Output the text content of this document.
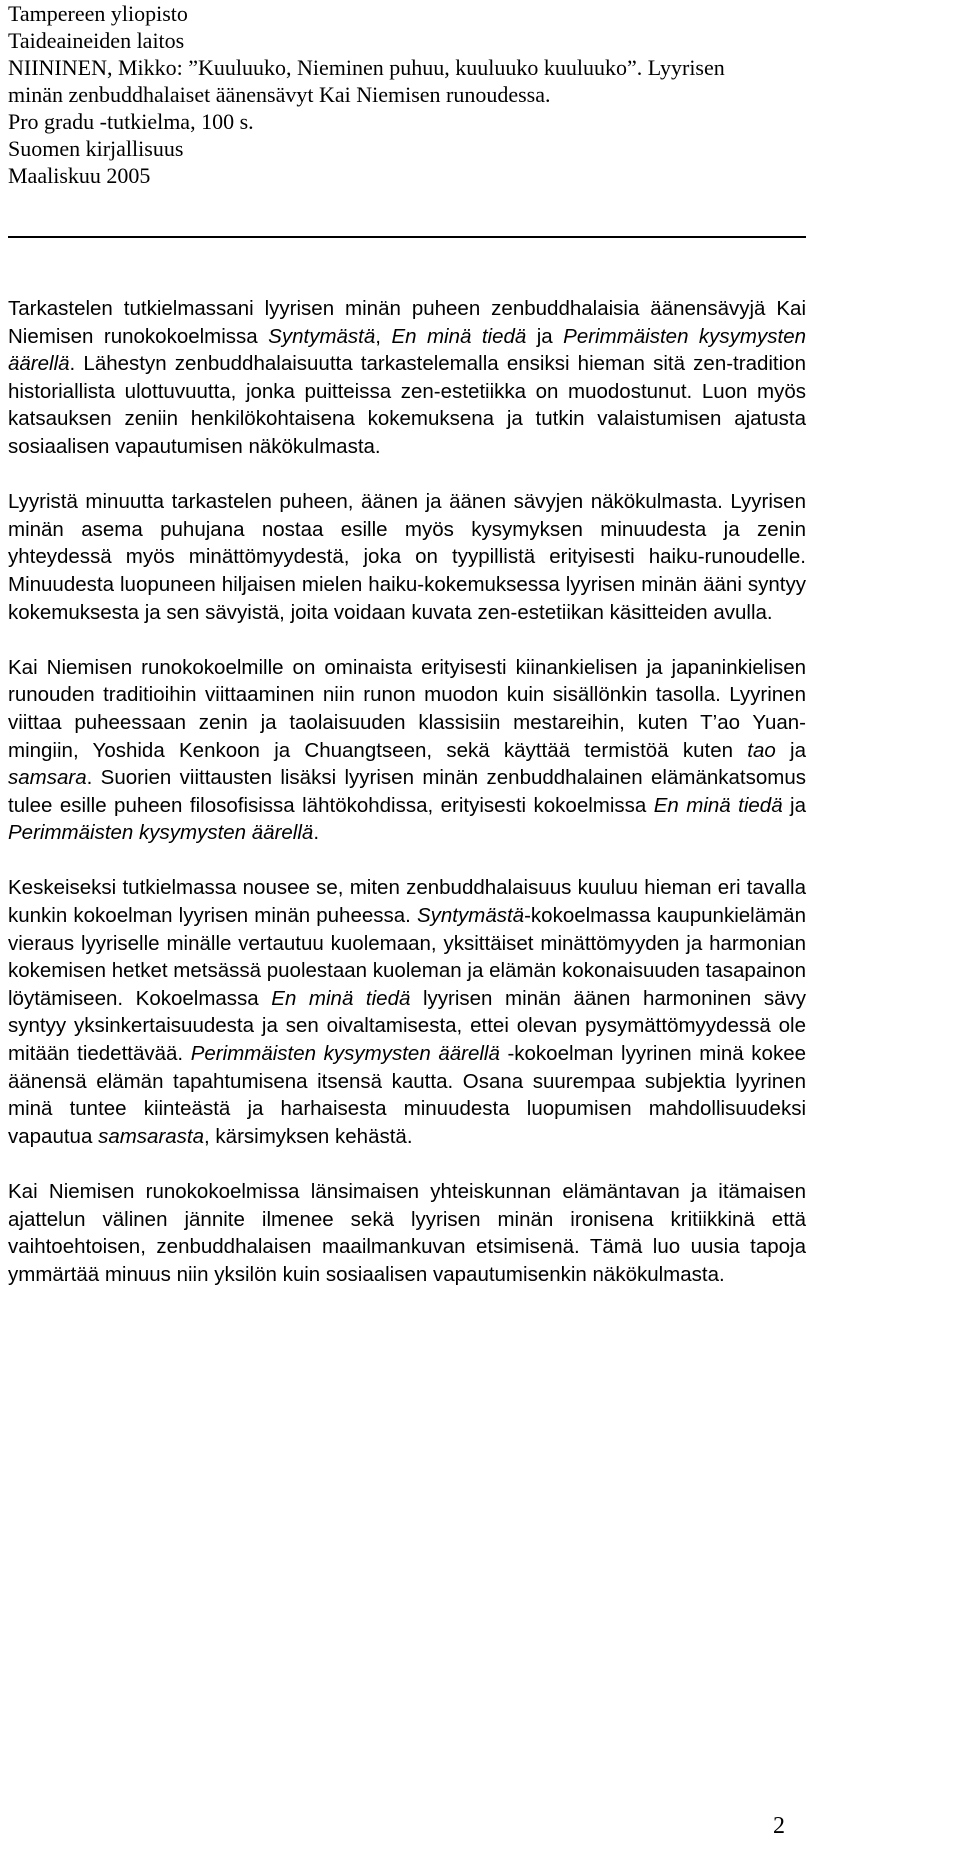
Tampereen yliopisto
Taideaineiden laitos
NIININEN, Mikko: ”Kuuluuko, Nieminen puhuu, kuuluuko kuuluuko”. Lyyrisen
minän zenbuddhalaiset äänensävyt Kai Niemisen runoudessa.
Pro gradu -tutkielma, 100 s.
Suomen kirjallisuus
Maaliskuu 2005

Tarkastelen tutkielmassani lyyrisen minän puheen zenbuddhalaisia äänensävyjä Kai Niemisen runokokoelmissa Syntymästä, En minä tiedä ja Perimmäisten kysymysten äärellä. Lähestyn zenbuddhalaisuutta tarkastelemalla ensiksi hieman sitä zen-tradition historiallista ulottuvuutta, jonka puitteissa zen-estetiikka on muodostunut. Luon myös katsauksen zeniin henkilökohtaisena kokemuksena ja tutkin valaistumisen ajatusta sosiaalisen vapautumisen näkökulmasta.

Lyyristä minuutta tarkastelen puheen, äänen ja äänen sävyjen näkökulmasta. Lyyrisen minän asema puhujana nostaa esille myös kysymyksen minuudesta ja zenin yhteydessä myös minättömyydestä, joka on tyypillistä erityisesti haiku-runoudelle. Minuudesta luopuneen hiljaisen mielen haiku-kokemuksessa lyyrisen minän ääni syntyy kokemuksesta ja sen sävyistä, joita voidaan kuvata zen-estetiikan käsitteiden avulla.

Kai Niemisen runokokoelmille on ominaista erityisesti kiinankielisen ja japaninkielisen runouden traditioihin viittaaminen niin runon muodon kuin sisällönkin tasolla. Lyyrinen viittaa puheessaan zenin ja taolaisuuden klassisiin mestareihin, kuten T’ao Yuan-mingiin, Yoshida Kenkoon ja Chuangtseen, sekä käyttää termistöä kuten tao ja samsara. Suorien viittausten lisäksi lyyrisen minän zenbuddhalainen elämänkatsomus tulee esille puheen filosofisissa lähtökohdissa, erityisesti kokoelmissa En minä tiedä ja Perimmäisten kysymysten äärellä.

Keskeiseksi tutkielmassa nousee se, miten zenbuddhalaisuus kuuluu hieman eri tavalla kunkin kokoelman lyyrisen minän puheessa. Syntymästä-kokoelmassa kaupunkielämän vieraus lyyriselle minälle vertautuu kuolemaan, yksittäiset minättömyyden ja harmonian kokemisen hetket metsässä puolestaan kuoleman ja elämän kokonaisuuden tasapainon löytämiseen. Kokoelmassa En minä tiedä lyyrisen minän äänen harmoninen sävy syntyy yksinkertaisuudesta ja sen oivaltamisesta, ettei olevan pysymättömyydessä ole mitään tiedettävää. Perimmäisten kysymysten äärellä -kokoelman lyyrinen minä kokee äänensä elämän tapahtumisena itsensä kautta. Osana suurempaa subjektia lyyrinen minä tuntee kiinteästä ja harhaisesta minuudesta luopumisen mahdollisuudeksi vapautua samsarasta, kärsimyksen kehästä.

Kai Niemisen runokokoelmissa länsimaisen yhteiskunnan elämäntavan ja itämaisen ajattelun välinen jännite ilmenee sekä lyyrisen minän ironisena kritiikkinä että vaihtoehtoisen, zenbuddhalaisen maailmankuvan etsimisenä. Tämä luo uusia tapoja ymmärtää minuus niin yksilön kuin sosiaalisen vapautumisenkin näkökulmasta.

2
